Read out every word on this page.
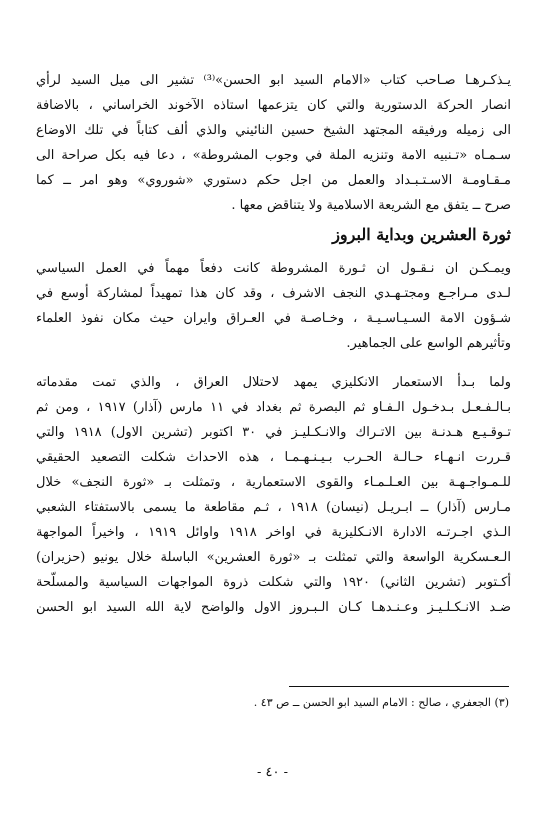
يـذكـرهـا صـاحب كتاب «الامام السيد ابو الحسن»⁽³⁾ تشير الى ميل السيد لرأي
انصار الحركة الدستورية والتي كان يتزعمها استاذه الآخوند الخراساني ، بالاضافة
الى زميله ورفيقه المجتهد الشيخ حسين النائيني والذي ألف كتاباً في تلك الاوضاع
سـمـاه «تـنبيه الامة وتنزيه الملة في وجوب المشروطة» ، دعا فيه بكل صراحة الى
مـقـاومـة الاسـتـبـداد والعمل من اجل حكم دستوري «شوروي» وهو امر ــ كما
صرح ــ يتفق مع الشريعة الاسلامية ولا يتناقض معها .
ثورة العشرين وبداية البروز
ويمـكـن ان نـقـول ان ثـورة المشروطة كانت دفعاً مهماً في العمل السياسي
لـدى مـراجـع ومجتـهـدي النجف الاشرف ، وقد كان هذا تمهيداً لمشاركة أوسع في
شـؤون الامة السـيـاسـيـة ، وخـاصـة في العـراق وايران حيث مكان نفوذ العلماء
وتأثيرهم الواسع على الجماهير.
ولما بـدأ الاستعمار الانكليزي يمهد لاحتلال العراق ، والذي تمت مقدماته
بـالـفـعـل بـدخـول الـفـاو ثم البصرة ثم بغداد في ١١ مارس (آذار) ١٩١٧ ، ومن ثم
تـوقـيـع هـدنـة بين الاتـراك والانـكـليـز في ٣٠ اكتوبر (تشرين الاول) ١٩١٨ والتي
قـررت انـهـاء حـالـة الحـرب بـيـنـهـمـا ، هذه الاحداث شكلت التصعيد الحقيقي
للـمـواجـهـة بين العـلـمـاء والقوى الاستعمارية ، وتمثلت بـ «ثورة النجف» خلال
مـارس (آذار) ــ ابـريـل (نيسان) ١٩١٨ ، ثـم مقاطعة ما يسمى بالاستفتاء الشعبي
الـذي اجـرتـه الادارة الانـكليزية في اواخر ١٩١٨ واوائل ١٩١٩ ، واخيراً المواجهة
الـعـسكرية الواسعة والتي تمثلت بـ «ثورة العشرين» الباسلة خلال يونيو (حزيران)
أكـتوبر (تشرين الثاني) ١٩٢٠ والتي شكلت ذروة المواجهات السياسية والمسلّحة
ضـد الانـكـلـيـز وعـنـدهـا كـان الـبـروز الاول والواضح لاية الله السيد ابو الحسن
(٣) الجعفري ، صالح : الامام السيد ابو الحسن ــ ص ٤٣ .
- ٤٠ -
